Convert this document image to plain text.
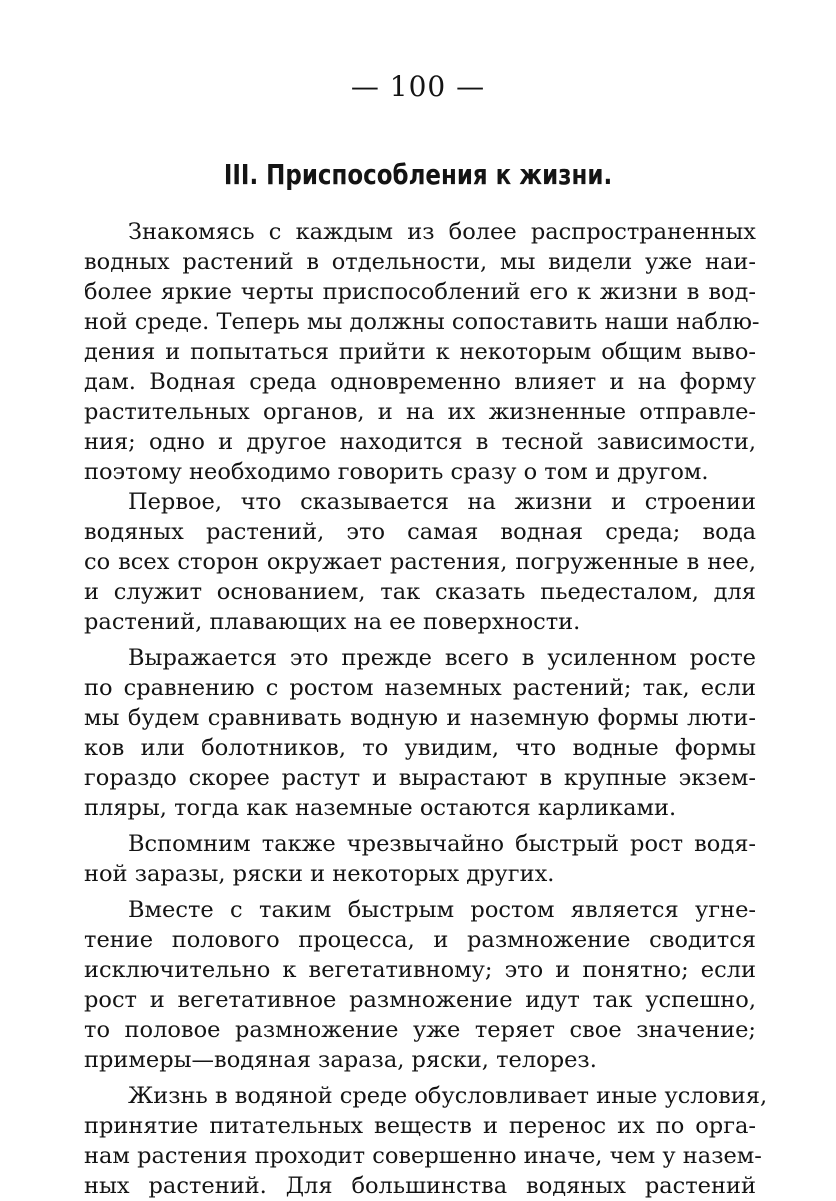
— 100 —
III. Приспособления к жизни.
Знакомясь с каждым из более распространенных
водных растений в отдельности, мы видели уже наи-
более яркие черты приспособлений его к жизни в вод-
ной среде. Теперь мы должны сопоставить наши наблю-
дения и попытаться прийти к некоторым общим выво-
дам. Водная среда одновременно влияет и на форму
растительных органов, и на их жизненные отправле-
ния; одно и другое находится в тесной зависимости,
поэтому необходимо говорить сразу о том и другом.
Первое, что сказывается на жизни и строении
водяных растений, это самая водная среда; вода
со всех сторон окружает растения, погруженные в нее,
и служит основанием, так сказать пьедесталом, для
растений, плавающих на ее поверхности.
Выражается это прежде всего в усиленном росте
по сравнению с ростом наземных растений; так, если
мы будем сравнивать водную и наземную формы люти-
ков или болотников, то увидим, что водные формы
гораздо скорее растут и вырастают в крупные экзем-
пляры, тогда как наземные остаются карликами.
Вспомним также чрезвычайно быстрый рост водя-
ной заразы, ряски и некоторых других.
Вместе с таким быстрым ростом является угне-
тение полового процесса, и размножение сводится
исключительно к вегетативному; это и понятно; если
рост и вегетативное размножение идут так успешно,
то половое размножение уже теряет свое значение;
примеры—водяная зараза, ряски, телорез.
Жизнь в водяной среде обусловливает иные условия,
принятие питательных веществ и перенос их по орга-
нам растения проходит совершенно иначе, чем у назем-
ных растений. Для большинства водяных растений
